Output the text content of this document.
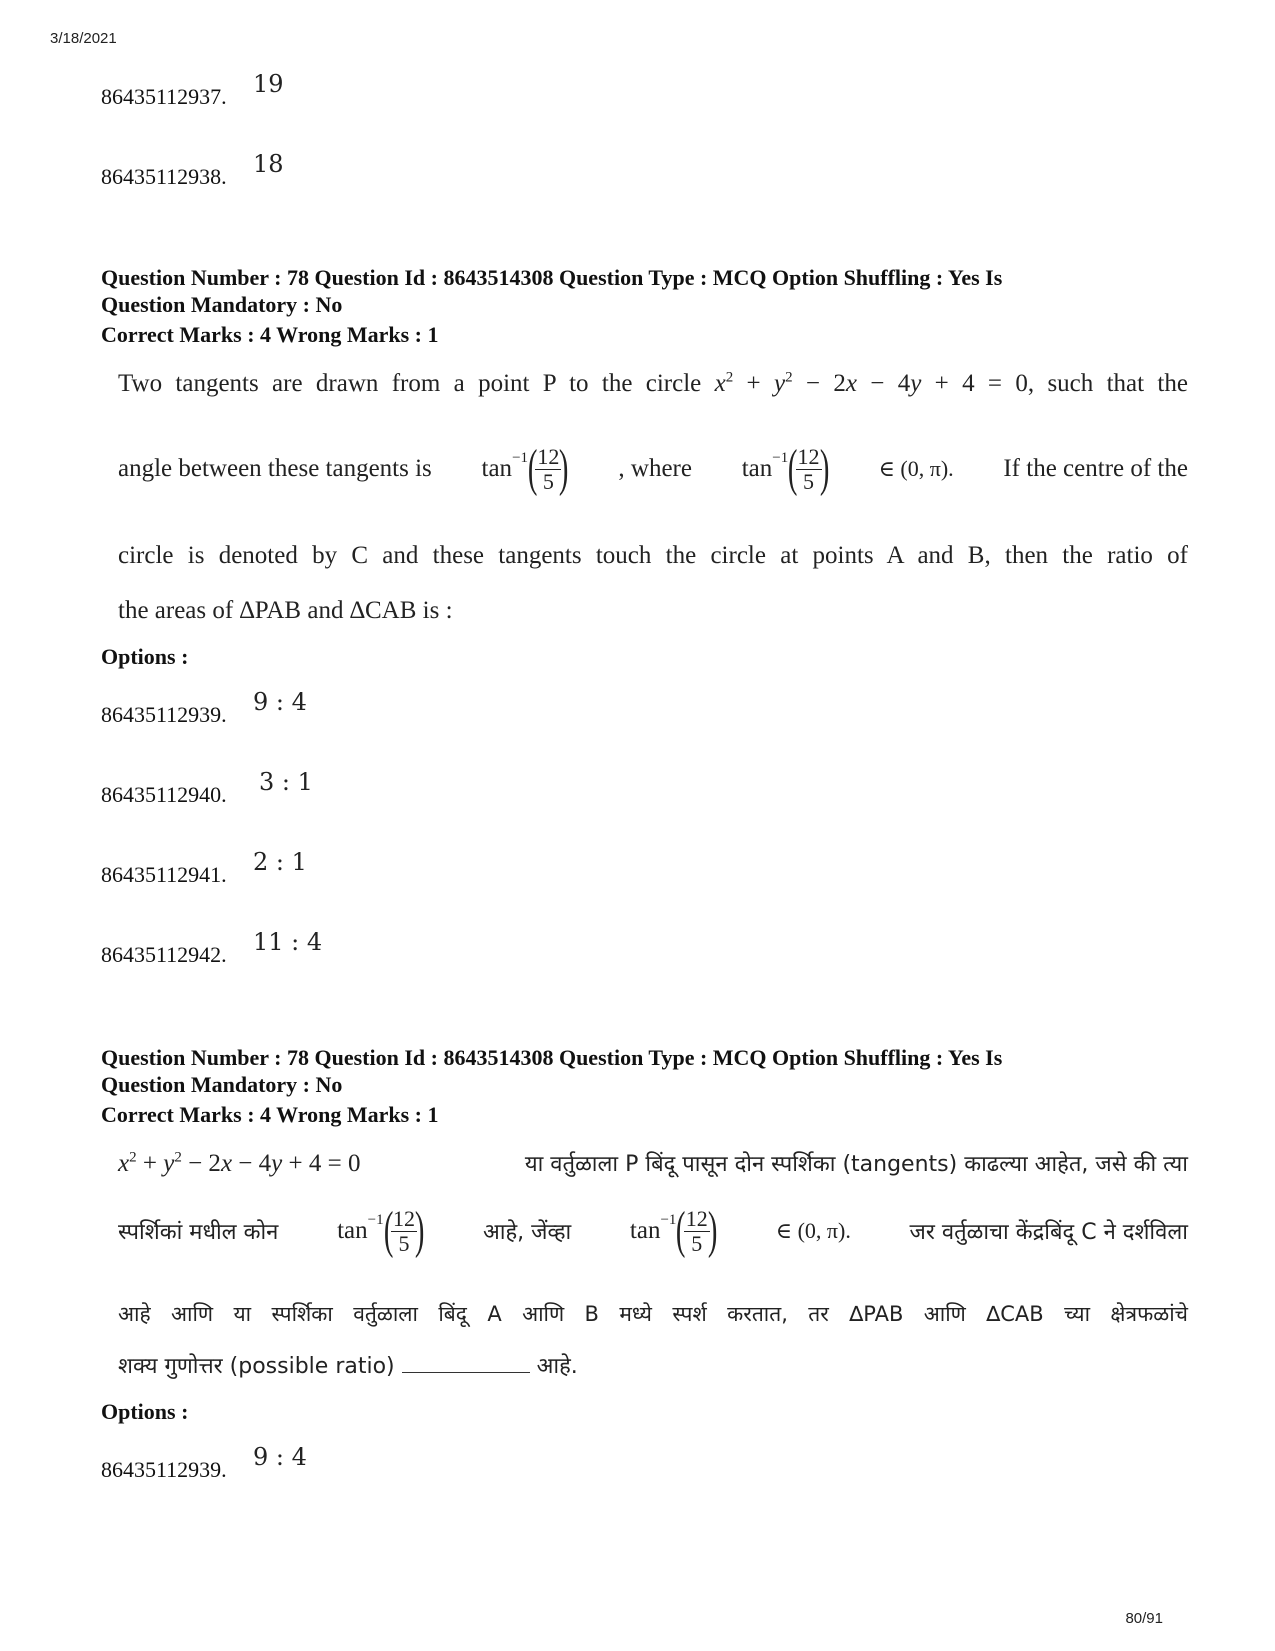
3/18/2021
86435112937. 19
86435112938. 18
Question Number : 78 Question Id : 8643514308 Question Type : MCQ Option Shuffling : Yes Is
Question Mandatory : No
Correct Marks : 4 Wrong Marks : 1
Two tangents are drawn from a point P to the circle $x^2 + y^2 - 2x - 4y + 4 = 0$, such that the
angle between these tangents is tan −1 ( 12
5 ) , where tan −1 ( 12
5 ) ∈ (0, π). If the centre of the
circle is denoted by C and these tangents touch the circle at points A and B, then the ratio of
the areas of ∆PAB and ∆CAB is :
Options :
86435112939. 9 : 4
86435112940. 3 : 1
86435112941. 2 : 1
86435112942. 11 : 4
Question Number : 78 Question Id : 8643514308 Question Type : MCQ Option Shuffling : Yes Is
Question Mandatory : No
Correct Marks : 4 Wrong Marks : 1
$x^2 + y^2 - 2x - 4y + 4 = 0$	या वर्तुळाला P बिंदू पासून दोन स्पर्शिका (tangents) काढल्या आहेत, जसे की त्या
स्पर्शिकां मधील कोन tan −1 ( 12
5 )	आहे, जेंव्हा tan −1 ( 12
5 )	∈ (0, π).	जर वर्तुळाचा केंद्रबिंदू C ने दर्शविला
आहे आणि या स्पर्शिका वर्तुळाला बिंदू A आणि B मध्ये स्पर्श करतात, तर ∆PAB आणि ∆CAB च्या क्षेत्रफळांचे
शक्य गुणोत्तर (possible ratio)	आहे.
Options :
86435112939. 9 : 4
80/91
